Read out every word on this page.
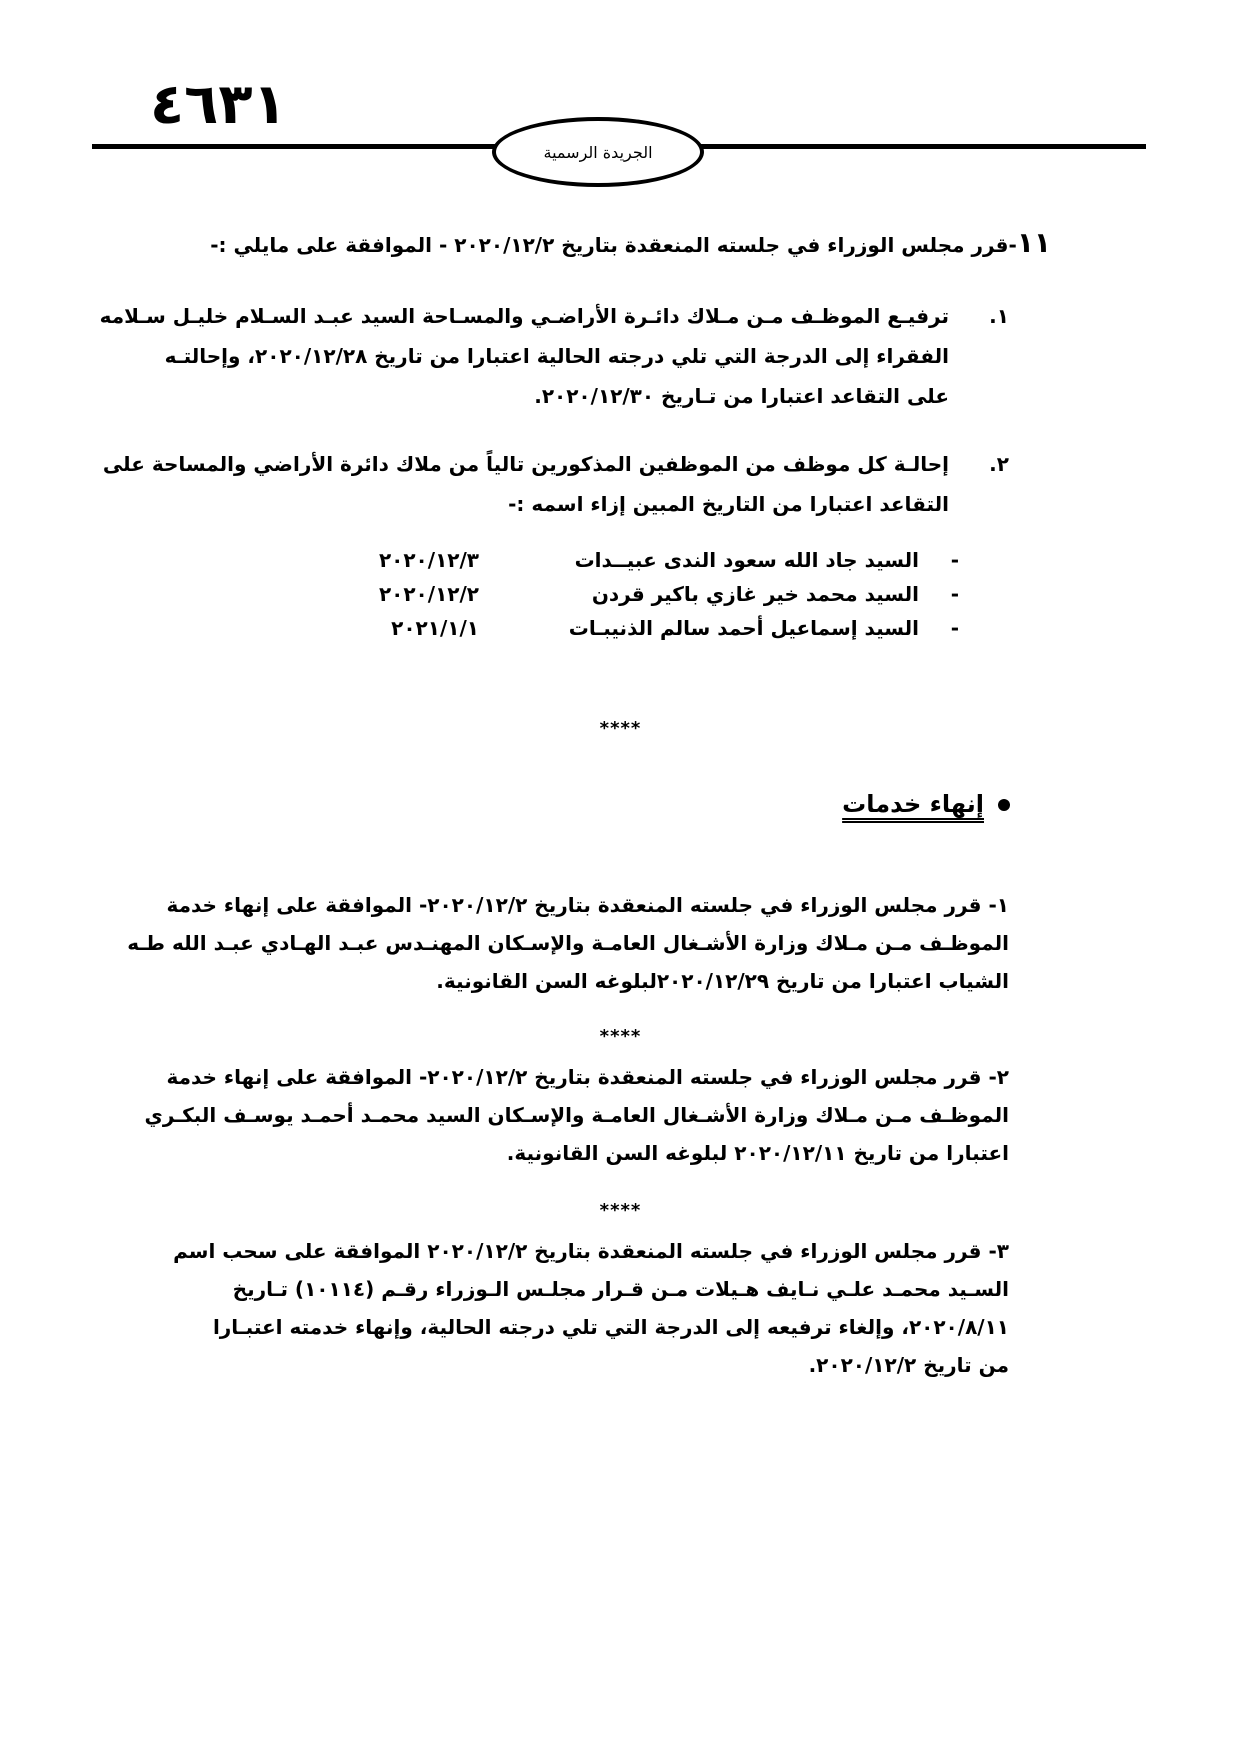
٤٦٣١
الجريدة الرسمية
١١-قرر مجلس الوزراء في جلسته المنعقدة بتاريخ ٢٠٢٠/١٢/٢ - الموافقة على مايلي :-
١.
ترفيـع الموظـف مـن مـلاك دائـرة الأراضـي والمسـاحة السيد عبـد السـلام خليـل سـلامه
الفقراء إلى الدرجة التي تلي درجته الحالية اعتبارا من تاريخ ٢٠٢٠/١٢/٢٨، وإحالتـه
على التقاعد اعتبارا من تـاريخ ٢٠٢٠/١٢/٣٠.
٢.
إحالـة كل موظف من الموظفين المذكورين تالياً من ملاك دائرة الأراضي والمساحة على
التقاعد اعتبارا من التاريخ المبين إزاء اسمه :-
-
السيد جاد الله سعود الندى عبيــدات
٢٠٢٠/١٢/٣
-
السيد محمد خير غازي باكير قردن
٢٠٢٠/١٢/٢
-
السيد إسماعيل أحمد سالم الذنيبـات
٢٠٢١/١/١
****
إنهاء خدمات
١- قرر مجلس الوزراء في جلسته المنعقدة بتاريخ ٢٠٢٠/١٢/٢- الموافقة على إنهاء خدمة
الموظـف مـن مـلاك وزارة الأشـغال العامـة والإسـكان المهنـدس عبـد الهـادي عبـد الله طـه
الشياب اعتبارا من تاريخ ٢٠٢٠/١٢/٢٩لبلوغه السن القانونية.
****
٢- قرر مجلس الوزراء في جلسته المنعقدة بتاريخ ٢٠٢٠/١٢/٢- الموافقة على إنهاء خدمة
الموظـف مـن مـلاك وزارة الأشـغال العامـة والإسـكان السيد محمـد أحمـد يوسـف البكـري
اعتبارا من تاريخ ٢٠٢٠/١٢/١١ لبلوغه السن القانونية.
****
٣- قرر مجلس الوزراء في جلسته المنعقدة بتاريخ ٢٠٢٠/١٢/٢ الموافقة على سحب اسم
السـيد محمـد علـي نـايف هـيلات مـن قـرار مجلـس الـوزراء رقـم (١٠١١٤) تـاريخ
٢٠٢٠/٨/١١، وإلغاء ترفيعه إلى الدرجة التي تلي درجته الحالية، وإنهاء خدمته اعتبـارا
من تاريخ ٢٠٢٠/١٢/٢.
